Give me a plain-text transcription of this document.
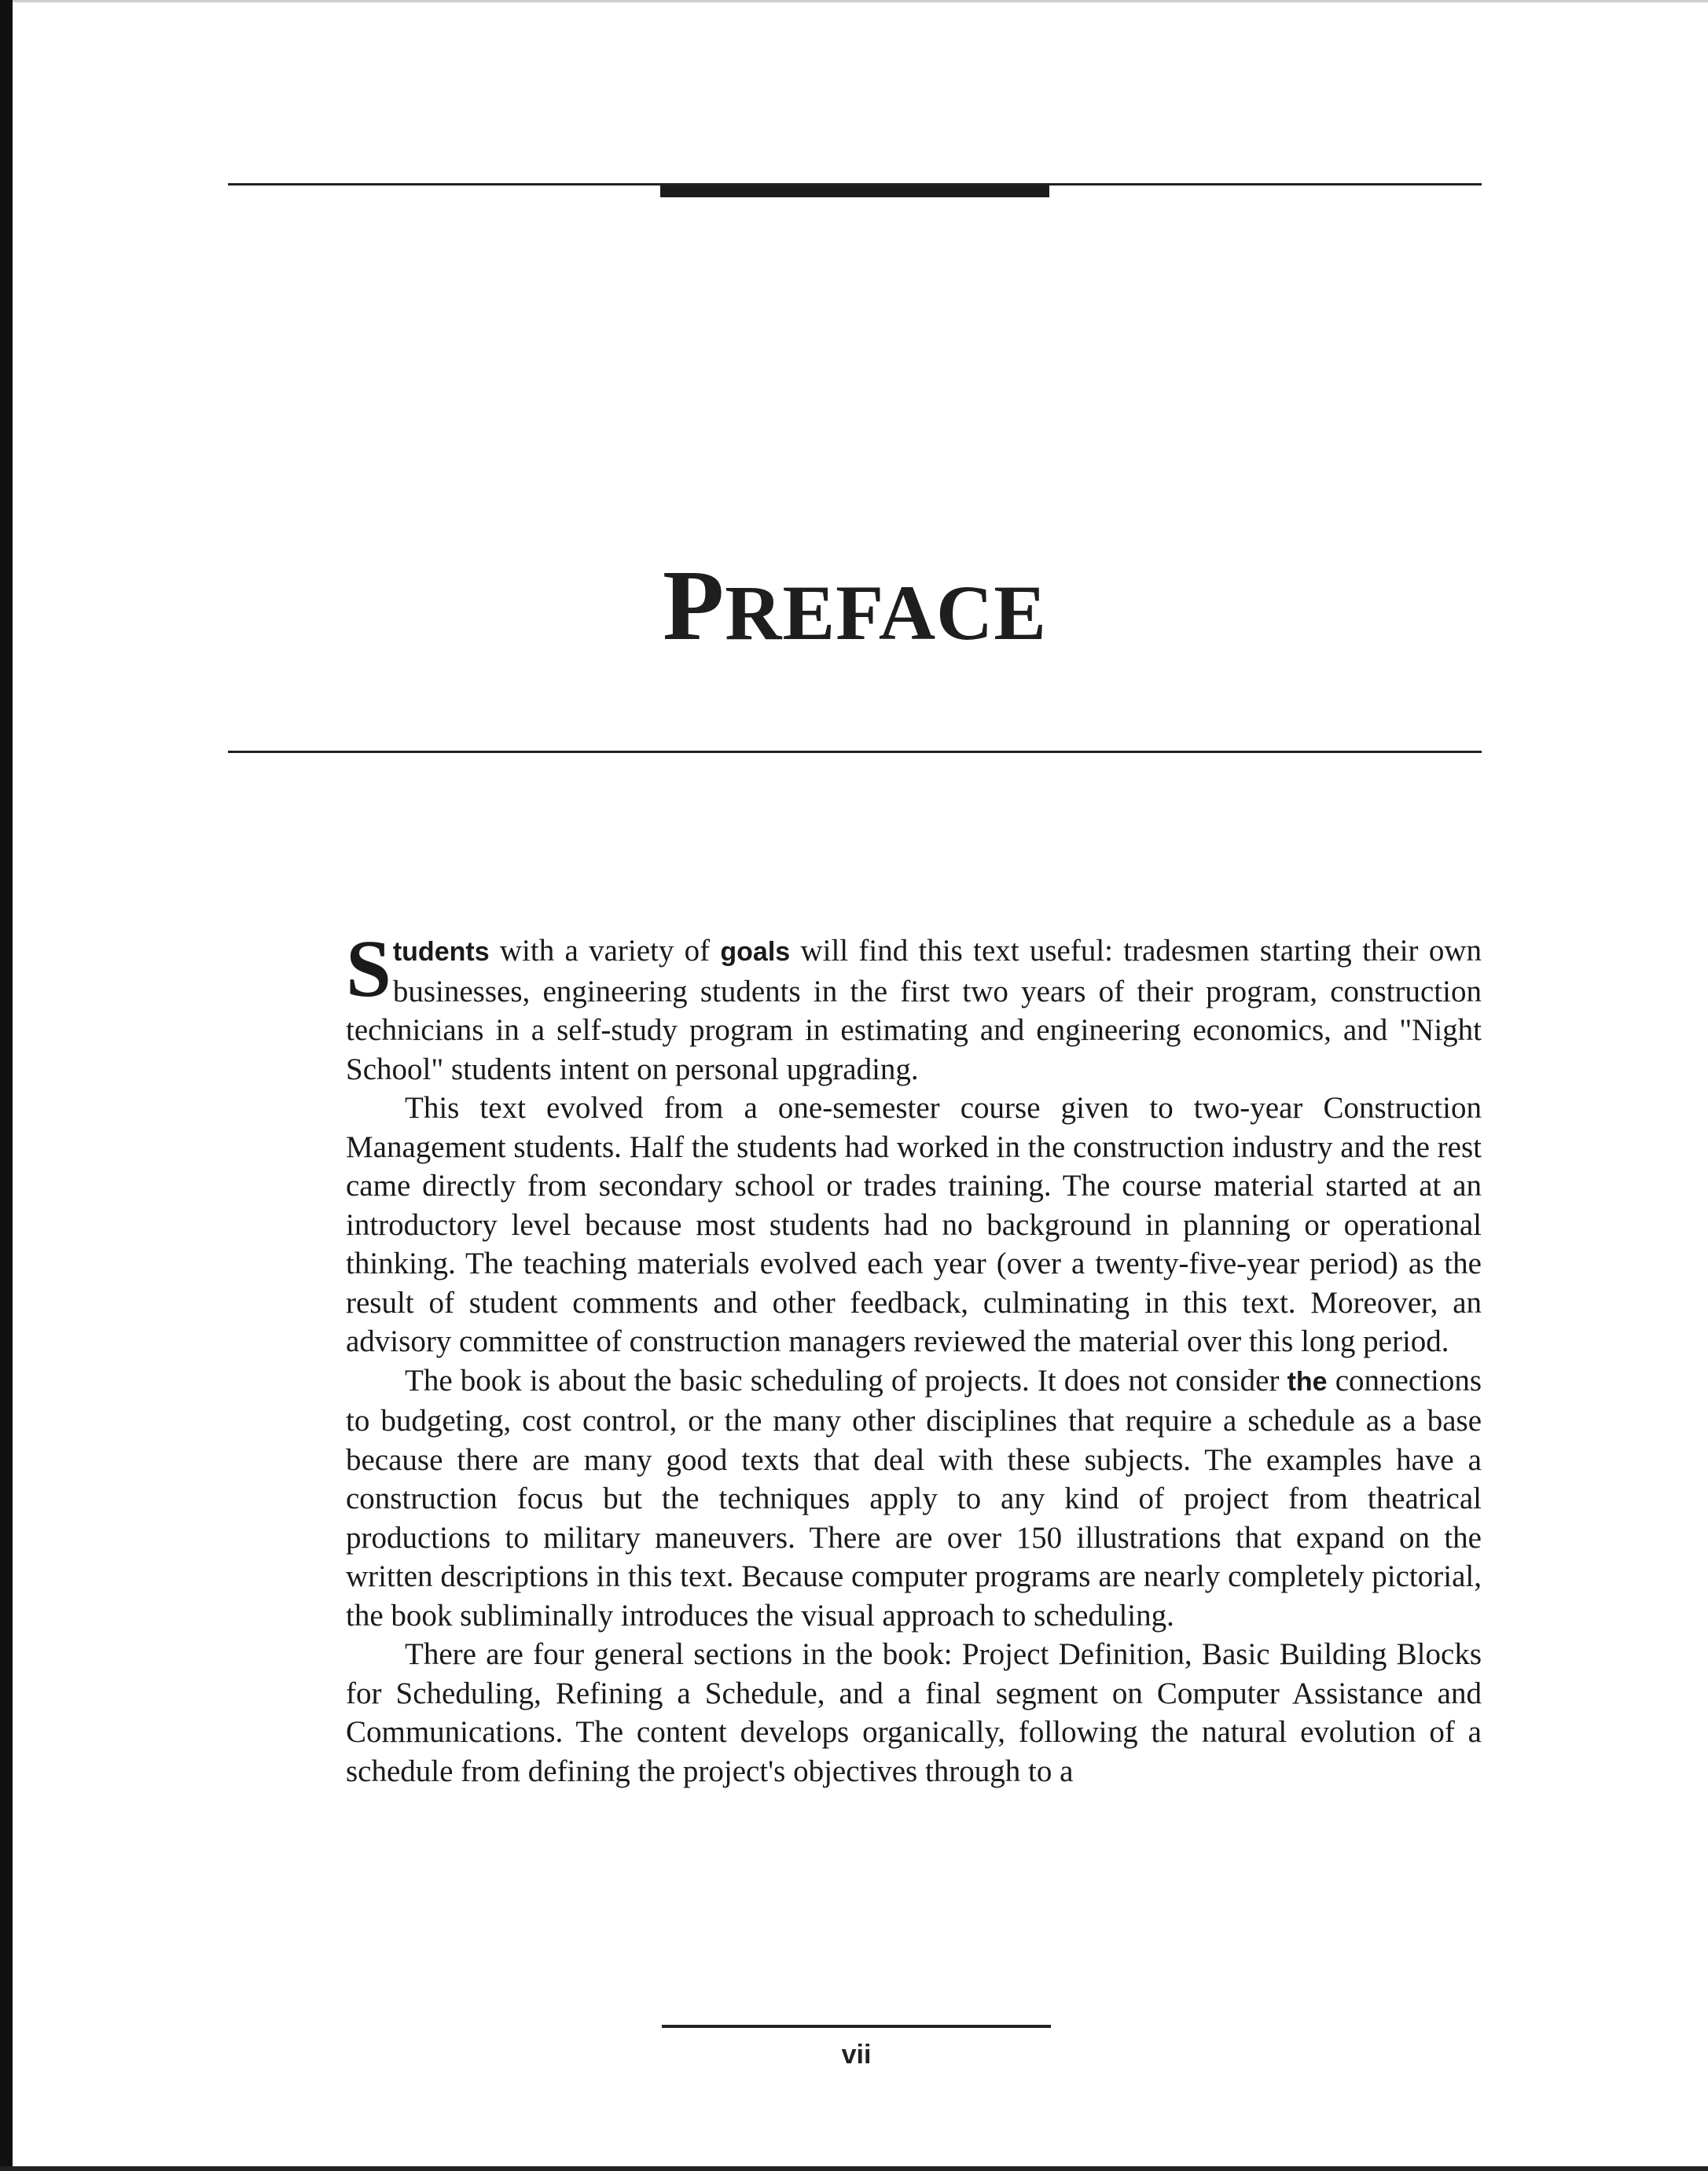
PREFACE

Students with a variety of goals will find this text useful: tradesmen starting their own businesses, engineering students in the first two years of their program, construction technicians in a self-study program in estimating and engineering economics, and "Night School" students intent on personal upgrading.

This text evolved from a one-semester course given to two-year Construction Management students. Half the students had worked in the construction industry and the rest came directly from secondary school or trades training. The course material started at an introductory level because most students had no background in planning or operational thinking. The teaching materials evolved each year (over a twenty-five-year period) as the result of student comments and other feedback, culminating in this text. Moreover, an advisory committee of construction managers reviewed the material over this long period.

The book is about the basic scheduling of projects. It does not consider the connections to budgeting, cost control, or the many other disciplines that require a schedule as a base because there are many good texts that deal with these subjects. The examples have a construction focus but the techniques apply to any kind of project from theatrical productions to military maneuvers. There are over 150 illustrations that expand on the written descriptions in this text. Because computer programs are nearly completely pictorial, the book subliminally introduces the visual approach to scheduling.

There are four general sections in the book: Project Definition, Basic Building Blocks for Scheduling, Refining a Schedule, and a final segment on Computer Assistance and Communications. The content develops organically, following the natural evolution of a schedule from defining the project's objectives through to a

vii
